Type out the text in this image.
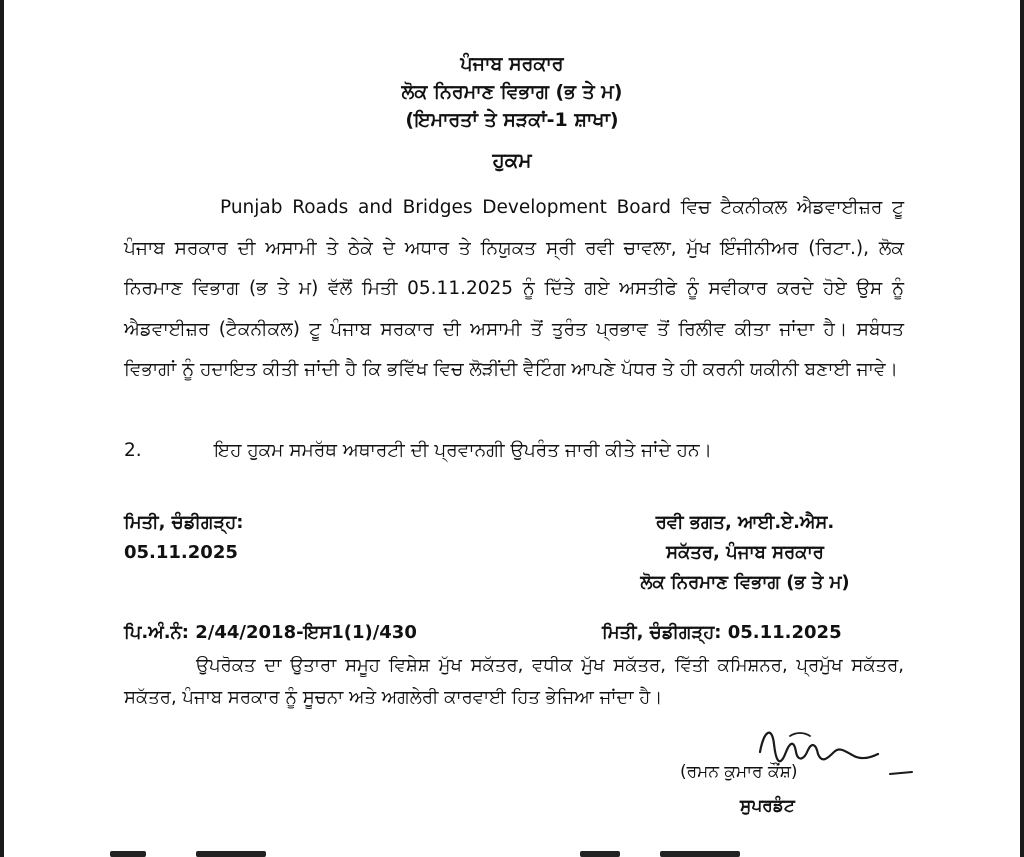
ਪੰਜਾਬ ਸਰਕਾਰ
ਲੋਕ ਨਿਰਮਾਣ ਵਿਭਾਗ (ਭ ਤੇ ਮ)
(ਇਮਾਰਤਾਂ ਤੇ ਸੜਕਾਂ-1 ਸ਼ਾਖਾ)
ਹੁਕਮ

Punjab Roads and Bridges Development Board ਵਿਚ ਟੈਕਨੀਕਲ ਐਡਵਾਈਜ਼ਰ ਟੂ ਪੰਜਾਬ ਸਰਕਾਰ ਦੀ ਅਸਾਮੀ ਤੇ ਠੇਕੇ ਦੇ ਅਧਾਰ ਤੇ ਨਿਯੁਕਤ ਸ੍ਰੀ ਰਵੀ ਚਾਵਲਾ, ਮੁੱਖ ਇੰਜੀਨੀਅਰ (ਰਿਟਾ.), ਲੋਕ ਨਿਰਮਾਣ ਵਿਭਾਗ (ਭ ਤੇ ਮ) ਵੱਲੋਂ ਮਿਤੀ 05.11.2025 ਨੂੰ ਦਿੱਤੇ ਗਏ ਅਸਤੀਫੇ ਨੂੰ ਸਵੀਕਾਰ ਕਰਦੇ ਹੋਏ ਉਸ ਨੂੰ ਐਡਵਾਈਜ਼ਰ (ਟੈਕਨੀਕਲ) ਟੂ ਪੰਜਾਬ ਸਰਕਾਰ ਦੀ ਅਸਾਮੀ ਤੋਂ ਤੁਰੰਤ ਪ੍ਰਭਾਵ ਤੋਂ ਰਿਲੀਵ ਕੀਤਾ ਜਾਂਦਾ ਹੈ। ਸਬੰਧਤ ਵਿਭਾਗਾਂ ਨੂੰ ਹਦਾਇਤ ਕੀਤੀ ਜਾਂਦੀ ਹੈ ਕਿ ਭਵਿੱਖ ਵਿਚ ਲੋੜੀਂਦੀ ਵੈਟਿੰਗ ਆਪਣੇ ਪੱਧਰ ਤੇ ਹੀ ਕਰਨੀ ਯਕੀਨੀ ਬਣਾਈ ਜਾਵੇ।

2.	ਇਹ ਹੁਕਮ ਸਮਰੱਥ ਅਥਾਰਟੀ ਦੀ ਪ੍ਰਵਾਨਗੀ ਉਪਰੰਤ ਜਾਰੀ ਕੀਤੇ ਜਾਂਦੇ ਹਨ।
ਮਿਤੀ, ਚੰਡੀਗੜ੍ਹ:
05.11.2025
ਰਵੀ ਭਗਤ, ਆਈ.ਏ.ਐਸ.
ਸਕੱਤਰ, ਪੰਜਾਬ ਸਰਕਾਰ
ਲੋਕ ਨਿਰਮਾਣ ਵਿਭਾਗ (ਭ ਤੇ ਮ)
ਪਿ.ਅੰ.ਨੰ: 2/44/2018-ਇਸ1(1)/430	ਮਿਤੀ, ਚੰਡੀਗੜ੍ਹ: 05.11.2025

ਉਪਰੋਕਤ ਦਾ ਉਤਾਰਾ ਸਮੂਹ ਵਿਸ਼ੇਸ਼ ਮੁੱਖ ਸਕੱਤਰ, ਵਧੀਕ ਮੁੱਖ ਸਕੱਤਰ, ਵਿੱਤੀ ਕਮਿਸ਼ਨਰ, ਪ੍ਰਮੁੱਖ ਸਕੱਤਰ, ਸਕੱਤਰ, ਪੰਜਾਬ ਸਰਕਾਰ ਨੂੰ ਸੂਚਨਾ ਅਤੇ ਅਗਲੇਰੀ ਕਾਰਵਾਈ ਹਿਤ ਭੇਜਿਆ ਜਾਂਦਾ ਹੈ।

(ਰਮਨ ਕੁਮਾਰ ਕੌਂਸ਼)
ਸੁਪਰਡੰਟ
